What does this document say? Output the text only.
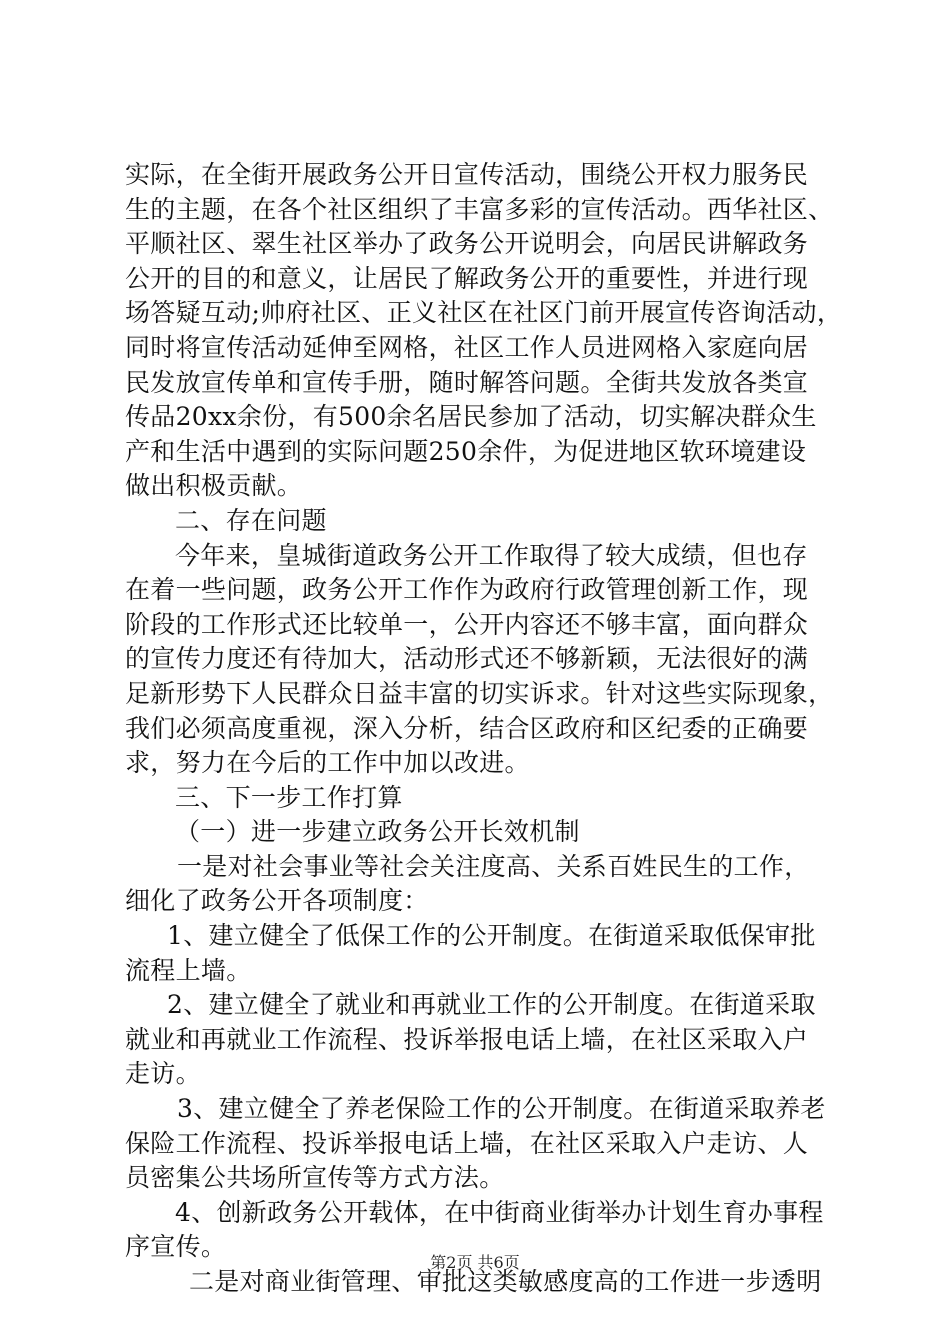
实际，在全街开展政务公开日宣传活动，围绕公开权力服务民
生的主题，在各个社区组织了丰富多彩的宣传活动。西华社区、
平顺社区、翠生社区举办了政务公开说明会，向居民讲解政务
公开的目的和意义，让居民了解政务公开的重要性，并进行现
场答疑互动;帅府社区、正义社区在社区门前开展宣传咨询活动，
同时将宣传活动延伸至网格，社区工作人员进网格入家庭向居
民发放宣传单和宣传手册，随时解答问题。全街共发放各类宣
传品20xx余份，有500余名居民参加了活动，切实解决群众生
产和生活中遇到的实际问题250余件，为促进地区软环境建设
做出积极贡献。
二、存在问题
今年来，皇城街道政务公开工作取得了较大成绩，但也存
在着一些问题，政务公开工作作为政府行政管理创新工作，现
阶段的工作形式还比较单一，公开内容还不够丰富，面向群众
的宣传力度还有待加大，活动形式还不够新颖，无法很好的满
足新形势下人民群众日益丰富的切实诉求。针对这些实际现象，
我们必须高度重视，深入分析，结合区政府和区纪委的正确要
求，努力在今后的工作中加以改进。
三、下一步工作打算
（一）进一步建立政务公开长效机制
一是对社会事业等社会关注度高、关系百姓民生的工作，
细化了政务公开各项制度：
1、建立健全了低保工作的公开制度。在街道采取低保审批
流程上墙。
2、建立健全了就业和再就业工作的公开制度。在街道采取
就业和再就业工作流程、投诉举报电话上墙，在社区采取入户
走访。
3、建立健全了养老保险工作的公开制度。在街道采取养老
保险工作流程、投诉举报电话上墙，在社区采取入户走访、人
员密集公共场所宣传等方式方法。
4、创新政务公开载体，在中街商业街举办计划生育办事程
序宣传。
二是对商业街管理、审批这类敏感度高的工作进一步透明
第2页 共6页
